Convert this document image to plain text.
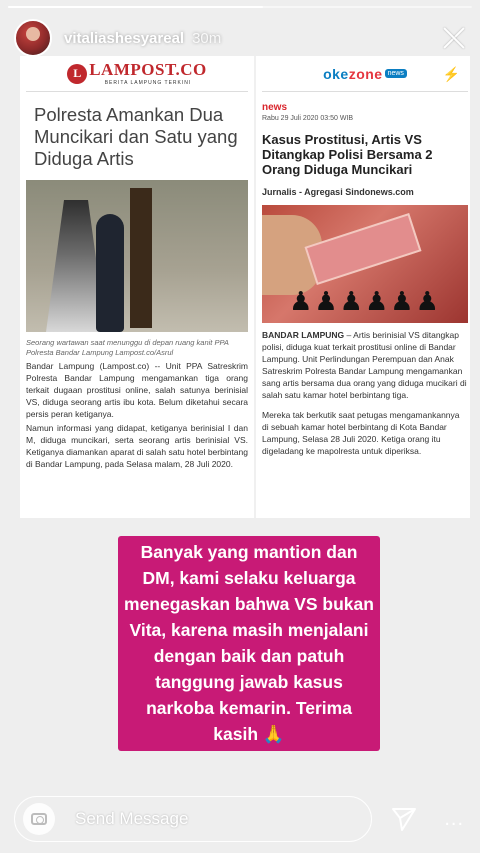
vitaliashesyareal 30m
L LAMPOST.CO
BERITA LAMPUNG TERKINI
Polresta Amankan Dua Muncikari dan Satu yang Diduga Artis
Seorang wartawan saat menunggu di depan ruang kanit PPA Polresta Bandar Lampung Lampost.co/Asrul
Bandar Lampung (Lampost.co) -- Unit PPA Satreskrim Polresta Bandar Lampung mengamankan tiga orang terkait dugaan prostitusi online, salah satunya berinisial VS, diduga seorang artis ibu kota. Belum diketahui secara persis peran ketiganya.
Namun informasi yang didapat, ketiganya berinisial I dan M, diduga muncikari, serta seorang artis berinisial VS. Ketiganya diamankan aparat di salah satu hotel berbintang di Bandar Lampung, pada Selasa malam, 28 Juli 2020.
okezone news	⚡
news
Rabu 29 Juli 2020 03:50 WIB
Kasus Prostitusi, Artis VS Ditangkap Polisi Bersama 2 Orang Diduga Muncikari
Jurnalis - Agregasi Sindonews.com
♟♟♟♟♟♟

BANDAR LAMPUNG – Artis berinisial VS ditangkap polisi, diduga kuat terkait prostitusi online di Bandar Lampung. Unit Perlindungan Perempuan dan Anak Satreskrim Polresta Bandar Lampung mengamankan sang artis bersama dua orang yang diduga mucikari di salah satu kamar hotel berbintang tiga.

Mereka tak berkutik saat petugas mengamankannya di sebuah kamar hotel berbintang di Kota Bandar Lampung, Selasa 28 Juli 2020. Ketiga orang itu digeladang ke mapolresta untuk diperiksa.

Banyak yang mantion dan DM, kami selaku keluarga menegaskan bahwa VS bukan Vita, karena masih menjalani dengan baik dan patuh tanggung jawab kasus narkoba kemarin. Terima kasih 🙏
Send Message	...
